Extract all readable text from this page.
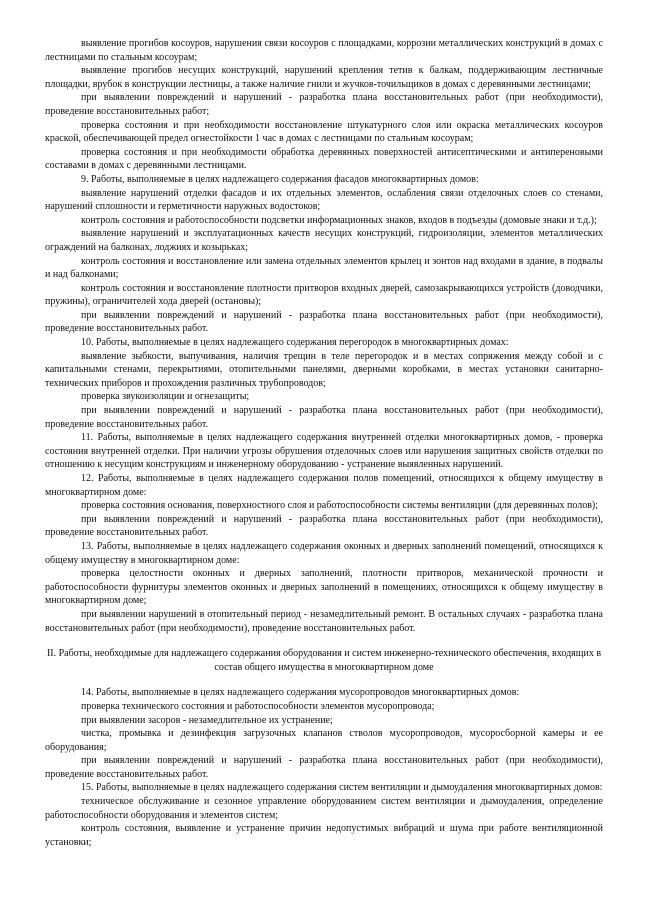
выявление прогибов косоуров, нарушения связи косоуров с площадками, коррозии металлических конструкций в домах с лестницами по стальным косоурам;

выявление прогибов несущих конструкций, нарушений крепления тетив к балкам, поддерживающим лестничные площадки, врубок в конструкции лестницы, а также наличие гнили и жучков-точильщиков в домах с деревянными лестницами;

при выявлении повреждений и нарушений - разработка плана восстановительных работ (при необходимости), проведение восстановительных работ;

проверка состояния и при необходимости восстановление штукатурного слоя или окраска металлических косоуров краской, обеспечивающей предел огнестойкости 1 час в домах с лестницами по стальным косоурам;

проверка состояния и при необходимости обработка деревянных поверхностей антисептическими и антипереновыми составами в домах с деревянными лестницами.

9. Работы, выполняемые в целях надлежащего содержания фасадов многоквартирных домов:

выявление нарушений отделки фасадов и их отдельных элементов, ослабления связи отделочных слоев со стенами, нарушений сплошности и герметичности наружных водостоков;

контроль состояния и работоспособности подсветки информационных знаков, входов в подъезды (домовые знаки и т.д.);

выявление нарушений и эксплуатационных качеств несущих конструкций, гидроизоляции, элементов металлических ограждений на балконах, лоджиях и козырьках;

контроль состояния и восстановление или замена отдельных элементов крылец и зонтов над входами в здание, в подвалы и над балконами;

контроль состояния и восстановление плотности притворов входных дверей, самозакрывающихся устройств (доводчики, пружины), ограничителей хода дверей (остановы);

при выявлении повреждений и нарушений - разработка плана восстановительных работ (при необходимости), проведение восстановительных работ.

10. Работы, выполняемые в целях надлежащего содержания перегородок в многоквартирных домах:

выявление зыбкости, выпучивания, наличия трещин в теле перегородок и в местах сопряжения между собой и с капитальными стенами, перекрытиями, отопительными панелями, дверными коробками, в местах установки санитарно-технических приборов и прохождения различных трубопроводов;

проверка звукоизоляции и огнезащиты;

при выявлении повреждений и нарушений - разработка плана восстановительных работ (при необходимости), проведение восстановительных работ.

11. Работы, выполняемые в целях надлежащего содержания внутренней отделки многоквартирных домов, - проверка состояния внутренней отделки. При наличии угрозы обрушения отделочных слоев или нарушения защитных свойств отделки по отношению к несущим конструкциям и инженерному оборудованию - устранение выявленных нарушений.

12. Работы, выполняемые в целях надлежащего содержания полов помещений, относящихся к общему имуществу в многоквартирном доме:

проверка состояния основания, поверхностного слоя и работоспособности системы вентиляции (для деревянных полов);

при выявлении повреждений и нарушений - разработка плана восстановительных работ (при необходимости), проведение восстановительных работ.

13. Работы, выполняемые в целях надлежащего содержания оконных и дверных заполнений помещений, относящихся к общему имуществу в многоквартирном доме:

проверка целостности оконных и дверных заполнений, плотности притворов, механической прочности и работоспособности фурнитуры элементов оконных и дверных заполнений в помещениях, относящихся к общему имуществу в многоквартирном доме;

при выявлении нарушений в отопительный период - незамедлительный ремонт. В остальных случаях - разработка плана восстановительных работ (при необходимости), проведение восстановительных работ.

II. Работы, необходимые для надлежащего содержания оборудования и систем инженерно-технического обеспечения, входящих в состав общего имущества в многоквартирном доме

14. Работы, выполняемые в целях надлежащего содержания мусоропроводов многоквартирных домов:

проверка технического состояния и работоспособности элементов мусоропровода;

при выявлении засоров - незамедлительное их устранение;

чистка, промывка и дезинфекция загрузочных клапанов стволов мусоропроводов, мусоросборной камеры и ее оборудования;

при выявлении повреждений и нарушений - разработка плана восстановительных работ (при необходимости), проведение восстановительных работ.

15. Работы, выполняемые в целях надлежащего содержания систем вентиляции и дымоудаления многоквартирных домов:

техническое обслуживание и сезонное управление оборудованием систем вентиляции и дымоудаления, определение работоспособности оборудования и элементов систем;

контроль состояния, выявление и устранение причин недопустимых вибраций и шума при работе вентиляционной установки;
